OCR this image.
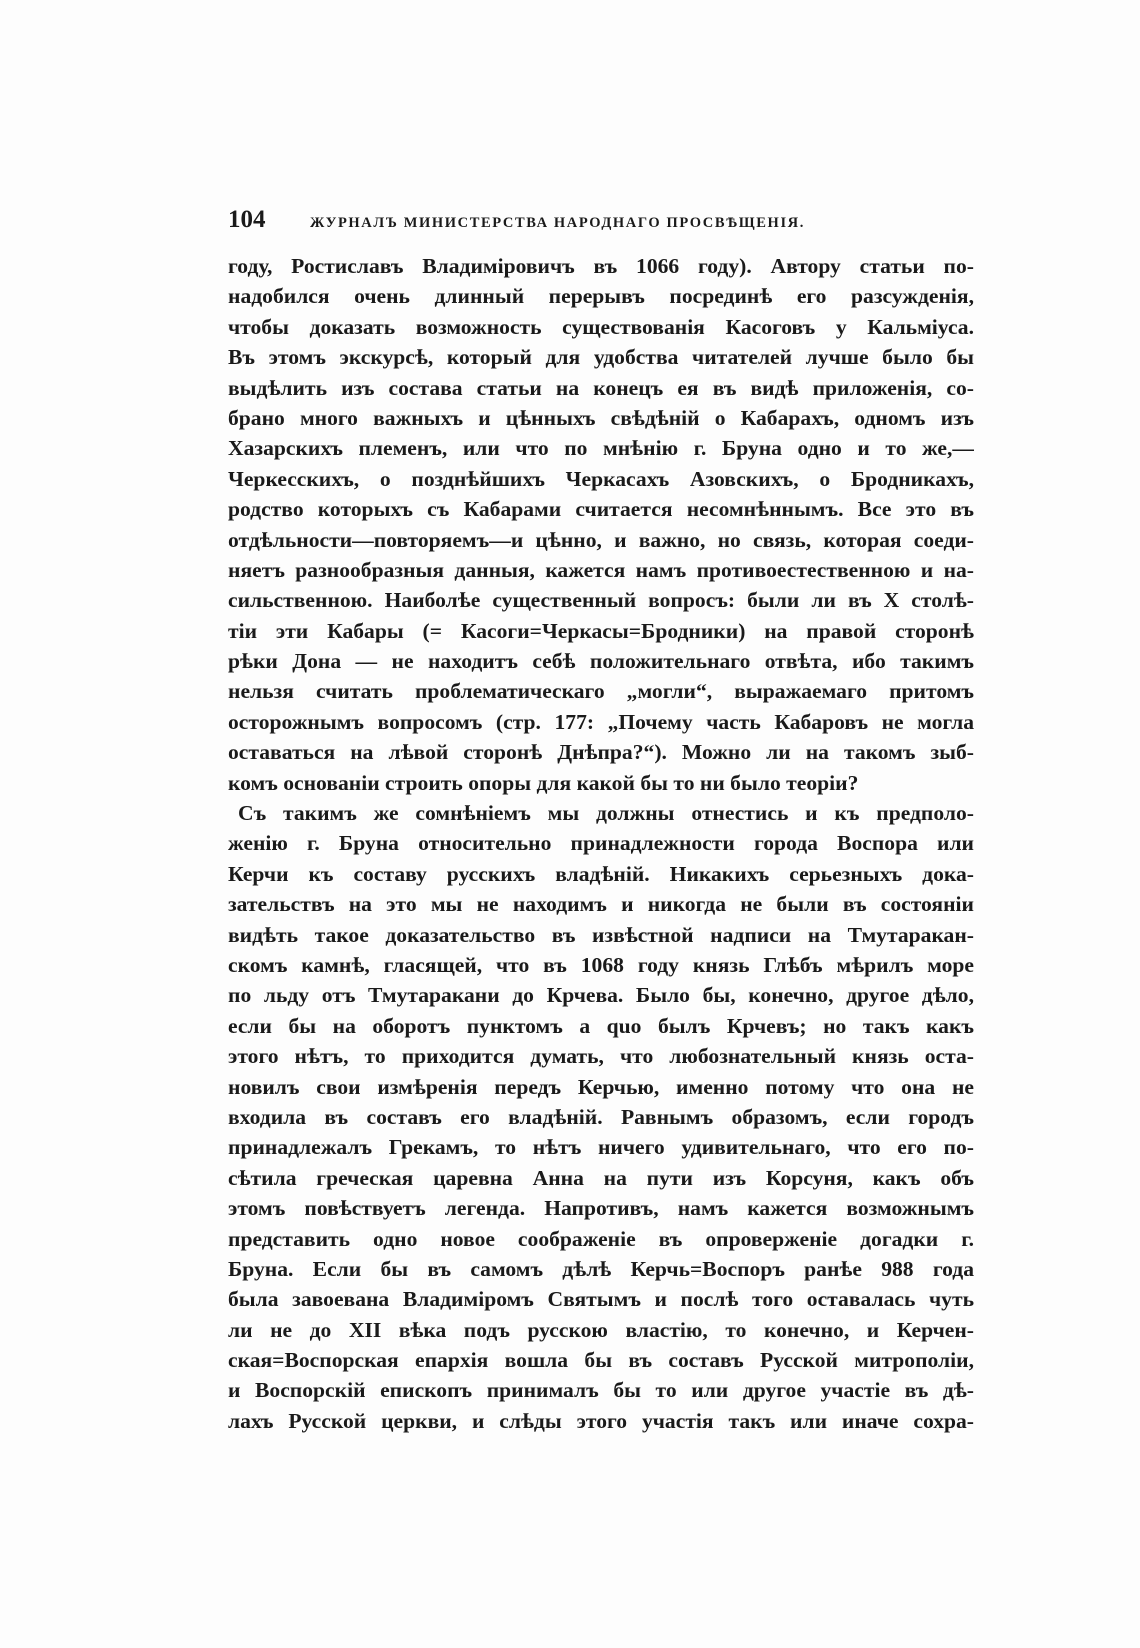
104	ЖУРНАЛЪ МИНИСТЕРСТВА НАРОДНАГО ПРОСВѢЩЕНІЯ.
году, Ростиславъ Владиміровичъ въ 1066 году). Автору статьи по-
надобился очень длинный перерывъ посрединѣ его разсужденія,
чтобы доказать возможность существованія Касоговъ у Кальміуса.
Въ этомъ экскурсѣ, который для удобства читателей лучше было бы
выдѣлить изъ состава статьи на конецъ ея въ видѣ приложенія, со-
брано много важныхъ и цѣнныхъ свѣдѣній о Кабарахъ, одномъ изъ
Хазарскихъ племенъ, или что по мнѣнію г. Бруна одно и то же,—
Черкесскихъ, о позднѣйшихъ Черкасахъ Азовскихъ, о Бродникахъ,
родство которыхъ съ Кабарами считается несомнѣннымъ. Все это въ
отдѣльности—повторяемъ—и цѣнно, и важно, но связь, которая соеди-
няетъ разнообразныя данныя, кажется намъ противоестественною и на-
сильственною. Наиболѣе существенный вопросъ: были ли въ X столѣ-
тіи эти Кабары (= Касоги=Черкасы=Бродники) на правой сторонѣ
рѣки Дона — не находитъ себѣ положительнаго отвѣта, ибо такимъ
нельзя считать проблематическаго „могли“, выражаемаго притомъ
осторожнымъ вопросомъ (стр. 177: „Почему часть Кабаровъ не могла
оставаться на лѣвой сторонѣ Днѣпра?“). Можно ли на такомъ зыб-
комъ основаніи строить опоры для какой бы то ни было теоріи?
Съ такимъ же сомнѣніемъ мы должны отнестись и къ предполо-
женію г. Бруна относительно принадлежности города Воспора или
Керчи къ составу русскихъ владѣній. Никакихъ серьезныхъ дока-
зательствъ на это мы не находимъ и никогда не были въ состояніи
видѣть такое доказательство въ извѣстной надписи на Тмутаракан-
скомъ камнѣ, гласящей, что въ 1068 году князь Глѣбъ мѣрилъ море
по льду отъ Тмутаракани до Крчева. Было бы, конечно, другое дѣло,
если бы на оборотъ пунктомъ a quo былъ Крчевъ; но такъ какъ
этого нѣтъ, то приходится думать, что любознательный князь оста-
новилъ свои измѣренія передъ Керчью, именно потому что она не
входила въ составъ его владѣній. Равнымъ образомъ, если городъ
принадлежалъ Грекамъ, то нѣтъ ничего удивительнаго, что его по-
сѣтила греческая царевна Анна на пути изъ Корсуня, какъ объ
этомъ повѣствуетъ легенда. Напротивъ, намъ кажется возможнымъ
представить одно новое соображеніе въ опроверженіе догадки г.
Бруна. Если бы въ самомъ дѣлѣ Керчь=Воспоръ ранѣе 988 года
была завоевана Владиміромъ Святымъ и послѣ того оставалась чуть
ли не до XII вѣка подъ русскою властію, то конечно, и Керчен-
ская=Воспорская епархія вошла бы въ составъ Русской митрополіи,
и Воспорскій епископъ принималъ бы то или другое участіе въ дѣ-
лахъ Русской церкви, и слѣды этого участія такъ или иначе сохра-
